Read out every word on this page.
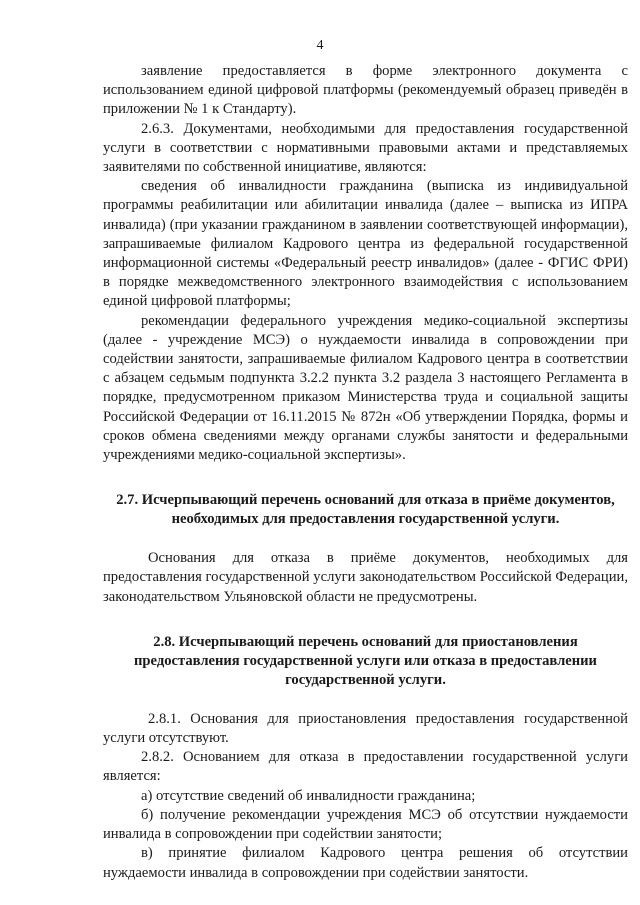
4

заявление предоставляется в форме электронного документа с использованием единой цифровой платформы (рекомендуемый образец приведён в приложении № 1 к Стандарту).

2.6.3. Документами, необходимыми для предоставления государственной услуги в соответствии с нормативными правовыми актами и представляемых заявителями по собственной инициативе, являются:

сведения об инвалидности гражданина (выписка из индивидуальной программы реабилитации или абилитации инвалида (далее – выписка из ИПРА инвалида) (при указании гражданином в заявлении соответствующей информации), запрашиваемые филиалом Кадрового центра из федеральной государственной информационной системы «Федеральный реестр инвалидов» (далее - ФГИС ФРИ) в порядке межведомственного электронного взаимодействия с использованием единой цифровой платформы;

рекомендации федерального учреждения медико-социальной экспертизы (далее - учреждение МСЭ) о нуждаемости инвалида в сопровождении при содействии занятости, запрашиваемые филиалом Кадрового центра в соответствии с абзацем седьмым подпункта 3.2.2 пункта 3.2 раздела 3 настоящего Регламента в порядке, предусмотренном приказом Министерства труда и социальной защиты Российской Федерации от 16.11.2015 № 872н «Об утверждении Порядка, формы и сроков обмена сведениями между органами службы занятости и федеральными учреждениями медико-социальной экспертизы».

2.7. Исчерпывающий перечень оснований для отказа в приёме документов, необходимых для предоставления государственной услуги.

Основания для отказа в приёме документов, необходимых для предоставления государственной услуги законодательством Российской Федерации, законодательством Ульяновской области не предусмотрены.

2.8. Исчерпывающий перечень оснований для приостановления предоставления государственной услуги или отказа в предоставлении государственной услуги.

2.8.1. Основания для приостановления предоставления государственной услуги отсутствуют.

2.8.2. Основанием для отказа в предоставлении государственной услуги является:

а) отсутствие сведений об инвалидности гражданина;

б) получение рекомендации учреждения МСЭ об отсутствии нуждаемости инвалида в сопровождении при содействии занятости;

в) принятие филиалом Кадрового центра решения об отсутствии нуждаемости инвалида в сопровождении при содействии занятости.
